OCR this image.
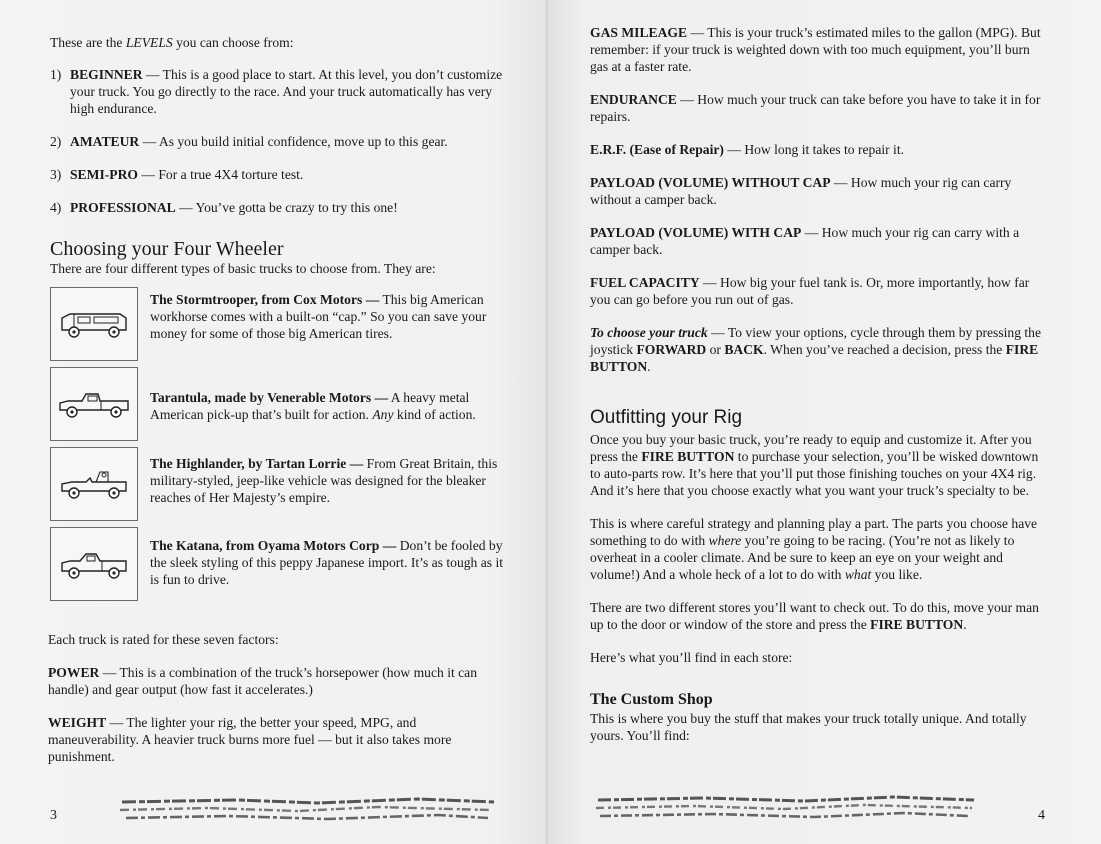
These are the LEVELS you can choose from:

1) BEGINNER — This is a good place to start. At this level, you don’t customize your truck. You go directly to the race. And your truck automatically has very high endurance.
2) AMATEUR — As you build initial confidence, move up to this gear.
3) SEMI-PRO — For a true 4X4 torture test.
4) PROFESSIONAL — You’ve gotta be crazy to try this one!
Choosing your Four Wheeler

There are four different types of basic trucks to choose from. They are:

The Stormtrooper, from Cox Motors — This big American workhorse comes with a built-on “cap.” So you can save your money for some of those big American tires.

Tarantula, made by Venerable Motors — A heavy metal American pick-up that’s built for action. Any kind of action.

The Highlander, by Tartan Lorrie — From Great Britain, this military-styled, jeep-like vehicle was designed for the bleaker reaches of Her Majesty’s empire.

The Katana, from Oyama Motors Corp — Don’t be fooled by the sleek styling of this peppy Japanese import. It’s as tough as it is fun to drive.

Each truck is rated for these seven factors:

POWER — This is a combination of the truck’s horsepower (how much it can handle) and gear output (how fast it accelerates.)

WEIGHT — The lighter your rig, the better your speed, MPG, and maneuverability. A heavier truck burns more fuel — but it also takes more punishment.

3

GAS MILEAGE — This is your truck’s estimated miles to the gallon (MPG). But remember: if your truck is weighted down with too much equipment, you’ll burn gas at a faster rate.

ENDURANCE — How much your truck can take before you have to take it in for repairs.

E.R.F. (Ease of Repair) — How long it takes to repair it.

PAYLOAD (VOLUME) WITHOUT CAP — How much your rig can carry without a camper back.

PAYLOAD (VOLUME) WITH CAP — How much your rig can carry with a camper back.

FUEL CAPACITY — How big your fuel tank is. Or, more importantly, how far you can go before you run out of gas.

To choose your truck — To view your options, cycle through them by pressing the joystick FORWARD or BACK. When you’ve reached a decision, press the FIRE BUTTON.

Outfitting your Rig

Once you buy your basic truck, you’re ready to equip and customize it. After you press the FIRE BUTTON to purchase your selection, you’ll be wisked downtown to auto-parts row. It’s here that you’ll put those finishing touches on your 4X4 rig. And it’s here that you choose exactly what you want your truck’s specialty to be.

This is where careful strategy and planning play a part. The parts you choose have something to do with where you’re going to be racing. (You’re not as likely to overheat in a cooler climate. And be sure to keep an eye on your weight and volume!) And a whole heck of a lot to do with what you like.

There are two different stores you’ll want to check out. To do this, move your man up to the door or window of the store and press the FIRE BUTTON.

Here’s what you’ll find in each store:

The Custom Shop

This is where you buy the stuff that makes your truck totally unique. And totally yours. You’ll find:

4
